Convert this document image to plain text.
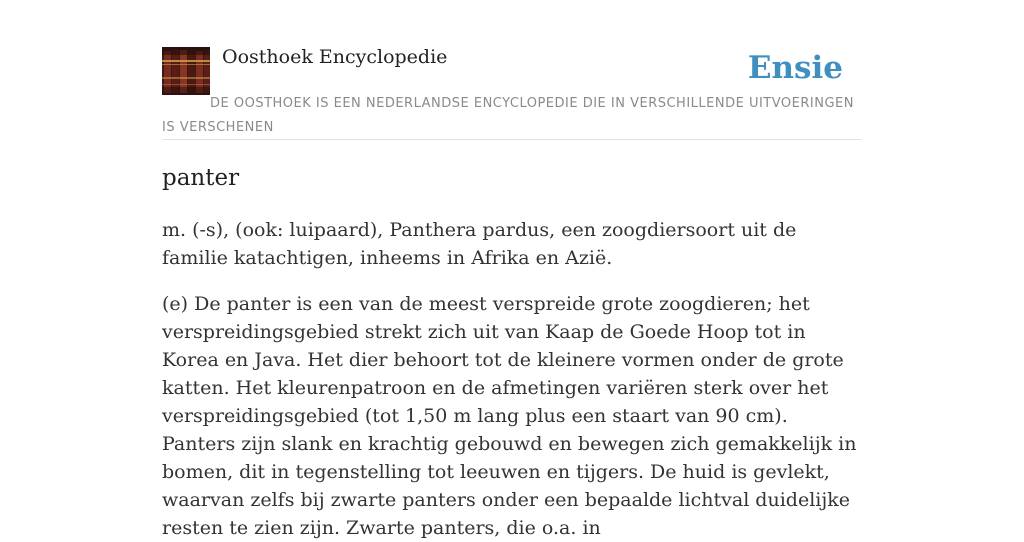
Oosthoek Encyclopedie	Ensie
DE OOSTHOEK IS EEN NEDERLANDSE ENCYCLOPEDIE DIE IN VERSCHILLENDE UITVOERINGEN IS VERSCHENEN
panter

m. (-s), (ook: luipaard), Panthera pardus, een zoogdiersoort uit de familie katachtigen, inheems in Afrika en Azië.

(e) De panter is een van de meest verspreide grote zoogdieren; het verspreidingsgebied strekt zich uit van Kaap de Goede Hoop tot in Korea en Java. Het dier behoort tot de kleinere vormen onder de grote katten. Het kleurenpatroon en de afmetingen variëren sterk over het verspreidingsgebied (tot 1,50 m lang plus een staart van 90 cm). Panters zijn slank en krachtig gebouwd en bewegen zich gemakkelijk in bomen, dit in tegenstelling tot leeuwen en tijgers. De huid is gevlekt, waarvan zelfs bij zwarte panters onder een bepaalde lichtval duidelijke resten te zien zijn. Zwarte panters, die o.a. in
